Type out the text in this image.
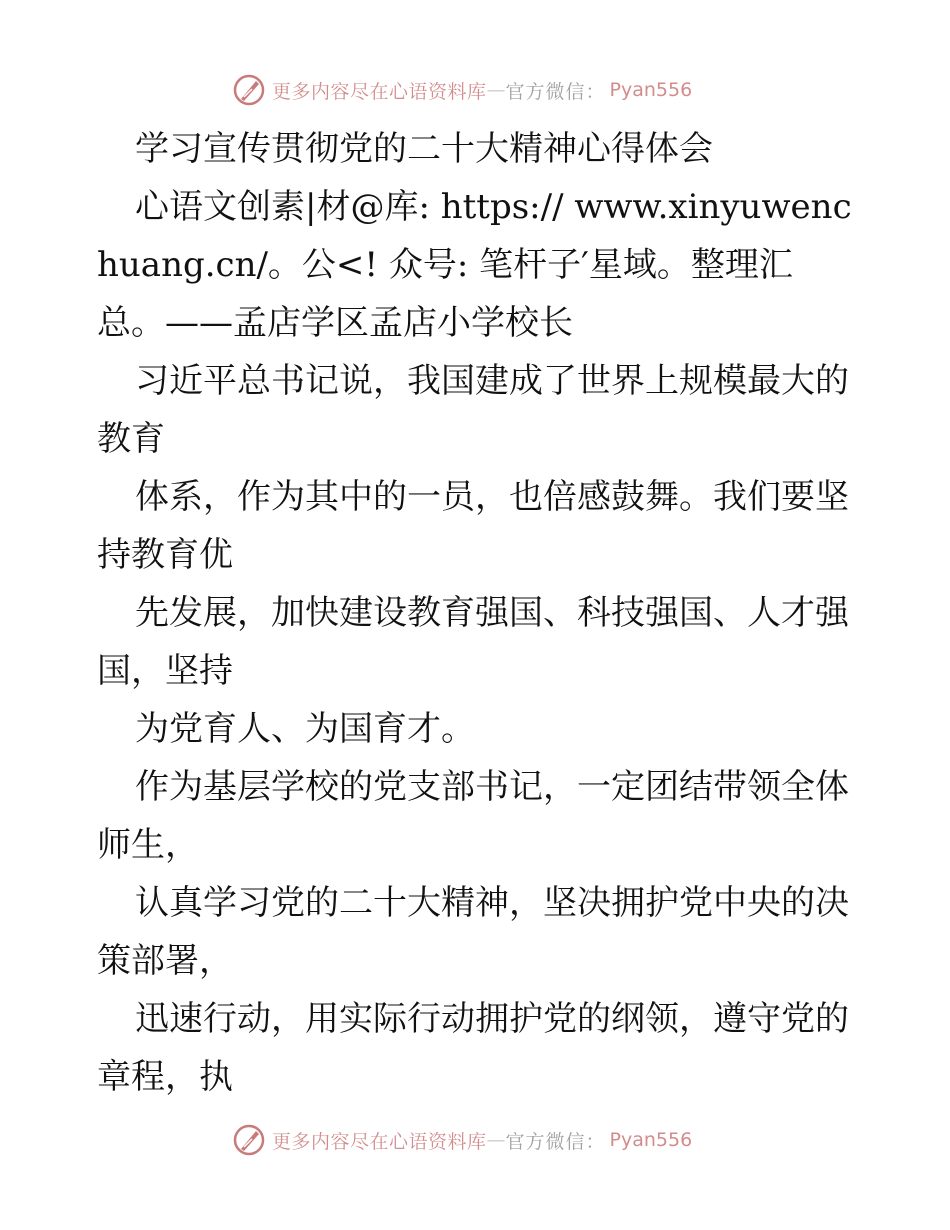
更多内容尽在心语资料库 — 官方微信： Pyan556

学习宣传贯彻党的二十大精神心得体会

心语文创素|材@库: https:// www.xinyuwenchuang.cn/。公<! 众号: 笔杆子′星域。整理汇总。——孟店学区孟店小学校长

习近平总书记说，我国建成了世界上规模最大的教育

体系，作为其中的一员，也倍感鼓舞。我们要坚持教育优

先发展，加快建设教育强国、科技强国、人才强国，坚持

为党育人、为国育才。

作为基层学校的党支部书记，一定团结带领全体师生，

认真学习党的二十大精神，坚决拥护党中央的决策部署，

迅速行动，用实际行动拥护党的纲领，遵守党的章程，执

更多内容尽在心语资料库 — 官方微信： Pyan556
